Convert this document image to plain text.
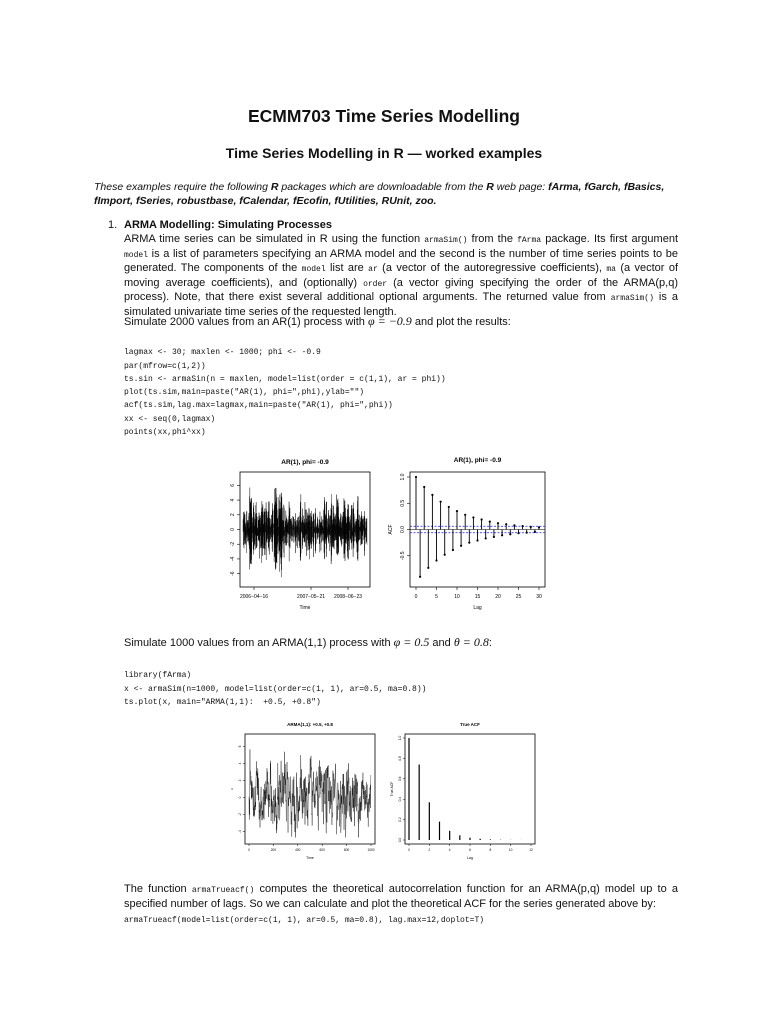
ECMM703 Time Series Modelling
Time Series Modelling in R — worked examples
These examples require the following R packages which are downloadable from the R web page: fArma, fGarch, fBasics, fImport, fSeries, robustbase, fCalendar, fEcofin, fUtilities, RUnit, zoo.
1. ARMA Modelling: Simulating Processes
ARMA time series can be simulated in R using the function armaSim() from the fArma package. Its first argument model is a list of parameters specifying an ARMA model and the second is the number of time series points to be generated. The components of the model list are ar (a vector of the autoregressive coefficients), ma (a vector of moving average coefficients), and (optionally) order (a vector giving specifying the order of the ARMA(p,q) process). Note, that there exist several additional optional arguments. The returned value from armaSim() is a simulated univariate time series of the requested length.
Simulate 2000 values from an AR(1) process with φ = −0.9 and plot the results:

lagmax <- 30; maxlen <- 1000; phi <- -0.9
par(mfrow=c(1,2))
ts.sin <- armaSin(n = maxlen, model=list(order = c(1,1), ar = phi))
plot(ts.sim,main=paste("AR(1), phi=",phi),ylab="")
acf(ts.sim,lag.max=lagmax,main=paste("AR(1), phi=",phi))
xx <- seq(0,lagmax)
points(xx,phi^xx)

AR(1), phi= -0.9
-6
-4
-2
0
2
4
6
2006−04−16	2007−05−21 2008−06−23
Time
AR(1), phi= -0.9
-0.5
0.0
0.5
1.0
ACF
0	5	10	15	20	25	30
Lag
Simulate 1000 values from an ARMA(1,1) process with φ = 0.5 and θ = 0.8:

library(fArma)
x <- armaSim(n=1000, model=list(order=c(1, 1), ar=0.5, ma=0.8))
ts.plot(x, main="ARMA(1,1):  +0.5, +0.8")

ARMA(1,1): +0.5, +0.8
-4
-2
0
2
4
6
x
0	200	400	600	800	1000
Time
True ACF
0.0
0.2
0.4
0.6
0.8
1.0
True ACF
0	2	4	6	8	10	12
Lag
The function armaTrueacf() computes the theoretical autocorrelation function for an ARMA(p,q) model up to a specified number of lags. So we can calculate and plot the theoretical ACF for the series generated above by:
armaTrueacf(model=list(order=c(1, 1), ar=0.5, ma=0.8), lag.max=12,doplot=T)
